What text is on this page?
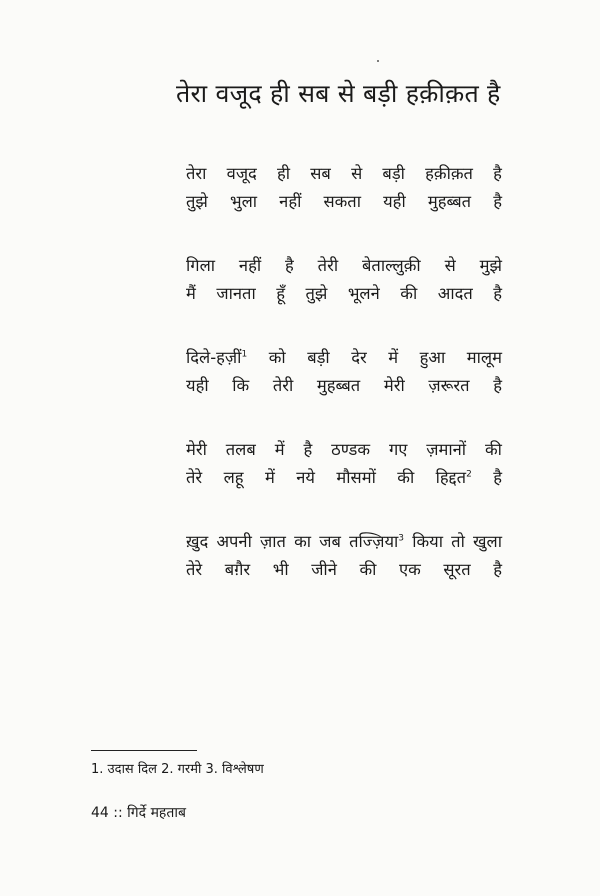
तेरा वजूद ही सब से बड़ी हक़ीक़त है
तेरा वजूद ही सब से बड़ी हक़ीक़त है
तुझे भुला नहीं सकता यही मुहब्बत है
गिला नहीं है तेरी बेताल्लुक़ी से मुझे
मैं जानता हूँ तुझे भूलने की आदत है
दिले-हज़ीं$^1$ को बड़ी देर में हुआ मालूम
यही कि तेरी मुहब्बत मेरी ज़रूरत है
मेरी तलब में है ठण्डक गए ज़मानों की
तेरे लहू में नये मौसमों की हिद्दत$^2$ है
ख़ुद अपनी ज़ात का जब तज्ज़िया$^3$ किया तो खुला
तेरे बग़ैर भी जीने की एक सूरत है
1. उदास दिल 2. गरमी 3. विश्लेषण
44 :: गिर्दे महताब
